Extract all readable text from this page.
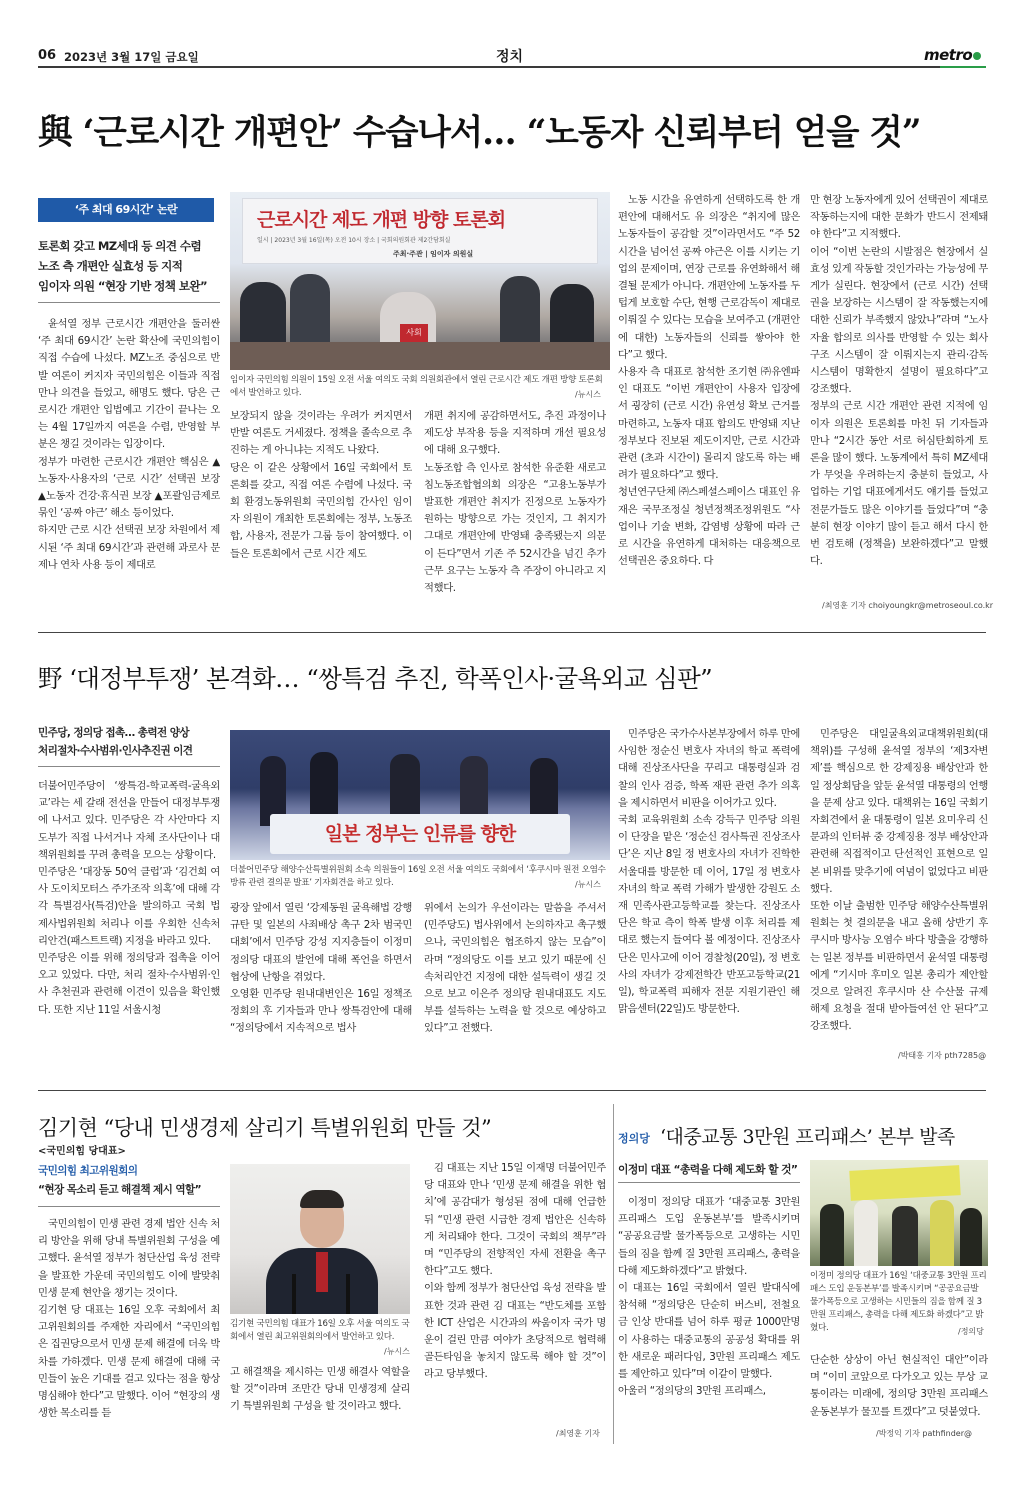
06 2023년 3월 17일 금요일	정치	metro
與 ‘근로시간 개편안’ 수습나서… “노동자 신뢰부터 얻을 것”
‘주 최대 69시간’ 논란
토론회 갖고 MZ세대 등 의견 수렴
노조 측 개편안 실효성 등 지적
임이자 의원 “현장 기반 정책 보완”
근로시간 제도 개편 방향 토론회
일시 | 2023년 3월 16일(목) 오전 10시 장소 | 국회의원회관 제2간담회실
주최·주관 | 임이자 의원실
사회
임이자 국민의힘 의원이 15일 오전 서울 여의도 국회 의원회관에서 열린 근로시간 제도 개편 방향 토론회에서 발언하고 있다.	/뉴시스
윤석열 정부 근로시간 개편안을 둘러싼 ‘주 최대 69시간’ 논란 확산에 국민의힘이 직접 수습에 나섰다. MZ노조 중심으로 반발 여론이 커지자 국민의힘은 이들과 직접 만나 의견을 들었고, 해명도 했다. 당은 근로시간 개편안 입법예고 기간이 끝나는 오는 4월 17일까지 여론을 수렴, 반영할 부분은 챙길 것이라는 입장이다.
정부가 마련한 근로시간 개편안 핵심은 ▲노동자·사용자의 ‘근로 시간’ 선택권 보장 ▲노동자 건강·휴식권 보장 ▲포괄임금제로 묶인 ‘공짜 야근’ 해소 등이었다.
하지만 근로 시간 선택권 보장 차원에서 제시된 ‘주 최대 69시간’과 관련해 과로사 문제나 연차 사용 등이 제대로
보장되지 않을 것이라는 우려가 커지면서 반발 여론도 거세졌다. 정책을 졸속으로 추진하는 게 아니냐는 지적도 나왔다.
당은 이 같은 상황에서 16일 국회에서 토론회를 갖고, 직접 여론 수렴에 나섰다. 국회 환경노동위원회 국민의힘 간사인 임이자 의원이 개최한 토론회에는 정부, 노동조합, 사용자, 전문가 그룹 등이 참여했다. 이들은 토론회에서 근로 시간 제도
개편 취지에 공감하면서도, 추진 과정이나 제도상 부작용 등을 지적하며 개선 필요성에 대해 요구했다.
노동조합 측 인사로 참석한 유준환 새로고침노동조합협의회 의장은 “고용노동부가 발표한 개편안 취지가 진정으로 노동자가 원하는 방향으로 가는 것인지, 그 취지가 그대로 개편안에 반영돼 충족됐는지 의문이 든다”면서 기존 주 52시간을 넘긴 추가 근무 요구는 노동자 측 주장이 아니라고 지적했다.
노동 시간을 유연하게 선택하도록 한 개편안에 대해서도 유 의장은 “취지에 많은 노동자들이 공감할 것”이라면서도 “주 52시간을 넘어선 공짜 야근은 이를 시키는 기업의 문제이며, 연장 근로를 유연화해서 해결될 문제가 아니다. 개편안에 노동자를 두텁게 보호할 수단, 현행 근로감독이 제대로 이뤄질 수 있다는 모습을 보여주고 (개편안에 대한) 노동자들의 신뢰를 쌓아야 한다”고 했다.
사용자 측 대표로 참석한 조기현 ㈜유엔파인 대표도 “이번 개편안이 사용자 입장에서 굉장히 (근로 시간) 유연성 확보 근거를 마련하고, 노동자 대표 합의도 반영돼 지난 정부보다 진보된 제도이지만, 근로 시간과 관련 (초과 시간이) 몰리지 않도록 하는 배려가 필요하다”고 했다.
청년연구단체 ㈜스페셜스페이스 대표인 유재은 국무조정실 청년정책조정위원도 “사업이나 기술 변화, 갑염병 상황에 따라 근로 시간을 유연하게 대처하는 대응책으로 선택권은 중요하다. 다
만 현장 노동자에게 있어 선택권이 제대로 작동하는지에 대한 문화가 반드시 전제돼야 한다”고 지적했다.
이어 “이번 논란의 시발점은 현장에서 실효성 있게 작동할 것인가라는 가능성에 무게가 실린다. 현장에서 (근로 시간) 선택권을 보장하는 시스템이 잘 작동했는지에 대한 신뢰가 부족했지 않았나”라며 “노사 자율 합의로 의사를 반영할 수 있는 회사 구조 시스템이 잘 이뤄지는지 관리·감독 시스템이 명확한지 설명이 필요하다”고 강조했다.
정부의 근로 시간 개편안 관련 지적에 임이자 의원은 토론회를 마친 뒤 기자들과 만나 “2시간 동안 서로 허심탄회하게 토론을 많이 했다. 노동계에서 특히 MZ세대가 무엇을 우려하는지 충분히 들었고, 사업하는 기업 대표에게서도 얘기를 들었고 전문가들도 많은 이야기를 들었다”며 “충분히 현장 이야기 많이 듣고 해서 다시 한번 검토해 (정책을) 보완하겠다”고 말했다.
/최영훈 기자 choiyoungkr@metroseoul.co.kr
野 ‘대정부투쟁’ 본격화… “쌍특검 추진, 학폭인사·굴욕외교 심판”
민주당, 정의당 접촉… 총력전 양상
처리절차·수사범위·인사추진권 이견
일본 정부는 인류를 향한
더불어민주당 해양수산특별위원회 소속 의원들이 16일 오전 서울 여의도 국회에서 ‘후쿠시마 원전 오염수 방류 관련 결의문 발표’ 기자회견을 하고 있다.	/뉴시스
더불어민주당이 ‘쌍특검-학교폭력-굴욕외교’라는 세 갈래 전선을 만들어 대정부투쟁에 나서고 있다. 민주당은 각 사안마다 지도부가 직접 나서거나 자체 조사단이나 대책위원회를 꾸려 총력을 모으는 상황이다.
민주당은 ‘대장동 50억 클럽’과 ‘김건희 여사 도이치모터스 주가조작 의혹’에 대해 각각 특별검사(특검)안을 발의하고 국회 법제사법위원회 처리나 이를 우회한 신속처리안건(패스트트랙) 지정을 바라고 있다.
민주당은 이를 위해 정의당과 접촉을 이어오고 있었다. 다만, 처리 절차·수사범위·인사 추천권과 관련해 이견이 있음을 확인했다. 또한 지난 11일 서울시청
광장 앞에서 열린 ‘강제동원 굴욕해법 강행 규탄 및 일본의 사죄배상 촉구 2차 범국민대회’에서 민주당 강성 지지층들이 이정미 정의당 대표의 발언에 대해 폭언을 하면서 협상에 난항을 겪었다.
오영환 민주당 원내대변인은 16일 정책조정회의 후 기자들과 만나 쌍특검안에 대해 “정의당에서 지속적으로 법사
위에서 논의가 우선이라는 말씀을 주셔서 (민주당도) 법사위에서 논의하자고 촉구했으나, 국민의힘은 협조하지 않는 모습”이라며 “정의당도 이를 보고 있기 때문에 신속처리안건 지정에 대한 설득력이 생길 것으로 보고 이은주 정의당 원내대표도 지도부를 설득하는 노력을 할 것으로 예상하고 있다”고 전했다.
민주당은 국가수사본부장에서 하루 만에 사임한 정순신 변호사 자녀의 학교 폭력에 대해 진상조사단을 꾸리고 대통령실과 검찰의 인사 검증, 학폭 재판 관련 추가 의혹을 제시하면서 비판을 이어가고 있다.
국회 교육위원회 소속 강득구 민주당 의원이 단장을 맡은 ‘정순신 검사특권 진상조사단’은 지난 8일 정 변호사의 자녀가 진학한 서울대를 방문한 데 이어, 17일 정 변호사 자녀의 학교 폭력 가해가 발생한 강원도 소재 민족사관고등학교를 찾는다. 진상조사단은 학교 측이 학폭 발생 이후 처리를 제대로 했는지 들여다 볼 예정이다. 진상조사단은 민사고에 이어 경찰청(20일), 정 변호사의 자녀가 강제전학간 반포고등학교(21일), 학교폭력 피해자 전문 지원기관인 해맑음센터(22일)도 방문한다.
민주당은 대일굴욕외교대책위원회(대책위)를 구성해 윤석열 정부의 ‘제3자변제’를 핵심으로 한 강제징용 배상안과 한일 정상회담을 앞둔 윤석열 대통령의 언행을 문제 삼고 있다. 대책위는 16일 국회기자회견에서 윤 대통령이 일본 요미우리 신문과의 인터뷰 중 강제징용 정부 배상안과 관련해 직접적이고 단선적인 표현으로 일본 비위를 맞추기에 여념이 없었다고 비판했다.
또한 이날 출범한 민주당 해양수산특별위원회는 첫 결의문을 내고 올해 상반기 후쿠시마 방사능 오염수 바다 방출을 강행하는 일본 정부를 비판하면서 윤석열 대통령에게 “기시마 후미오 일본 총리가 제안할 것으로 알려진 후쿠시마 산 수산물 규제 해제 요청을 절대 받아들여선 안 된다”고 강조했다.
/박태홍 기자 pth7285@
김기현 “당내 민생경제 살리기 특별위원회 만들 것”
<국민의힘 당대표>
국민의힘 최고위원회의
“현장 목소리 듣고 해결책 제시 역할”
김기현 국민의힘 대표가 16일 오후 서울 여의도 국회에서 열린 최고위원회의에서 발언하고 있다.
/뉴시스
국민의힘이 민생 관련 경제 법안 신속 처리 방안을 위해 당내 특별위원회 구성을 예고했다. 윤석열 정부가 첨단산업 육성 전략을 발표한 가운데 국민의힘도 이에 발맞춰 민생 문제 현안을 챙기는 것이다.
김기현 당 대표는 16일 오후 국회에서 최고위원회의를 주재한 자리에서 “국민의힘은 집권당으로서 민생 문제 해결에 더욱 박차를 가하겠다. 민생 문제 해결에 대해 국민들이 높은 기대를 걸고 있다는 점을 항상 명심해야 한다”고 말했다. 이어 “현장의 생생한 목소리를 듣
고 해결책을 제시하는 민생 해결사 역할을 할 것”이라며 조만간 당내 민생경제 살리기 특별위원회 구성을 할 것이라고 했다.
김 대표는 지난 15일 이재명 더불어민주당 대표와 만나 ‘민생 문제 해결을 위한 협치’에 공감대가 형성된 점에 대해 언급한 뒤 “민생 관련 시급한 경제 법안은 신속하게 처리돼야 한다. 그것이 국회의 책무”라며 “민주당의 전향적인 자세 전환을 촉구한다”고도 했다.
이와 함께 정부가 첨단산업 육성 전략을 발표한 것과 관련 김 대표는 “반도체를 포함한 ICT 산업은 시간과의 싸움이자 국가 명운이 걸린 만큼 여야가 초당적으로 협력해 골든타임을 놓치지 않도록 해야 할 것”이라고 당부했다.
/최영훈 기자
정의당 ‘대중교통 3만원 프리패스’ 본부 발족
이정미 대표 “총력을 다해 제도화 할 것”
이정미 정의당 대표가 16일 ‘대중교통 3만원 프리패스 도입 운동본부’를 발족시키며 “공공요금발 물가폭등으로 고생하는 시민들의 짐을 함께 질 3만원 프리패스, 총력을 다해 제도화 하겠다”고 밝혔다.	/정의당
이정미 정의당 대표가 ‘대중교통 3만원 프리패스 도입 운동본부’를 발족시키며 “공공요금발 물가폭등으로 고생하는 시민들의 짐을 함께 질 3만원 프리패스, 총력을 다해 제도화하겠다”고 밝혔다.
이 대표는 16일 국회에서 열린 발대식에 참석해 “정의당은 단순히 버스비, 전철요금 인상 반대를 넘어 하루 평균 1000만명이 사용하는 대중교통의 공공성 확대를 위한 새로운 패러다임, 3만원 프리패스 제도를 제안하고 있다”며 이같이 말했다.
아울러 “정의당의 3만원 프리패스,
단순한 상상이 아닌 현실적인 대안”이라며 “이미 코앞으로 다가오고 있는 무상 교통이라는 미래에, 정의당 3만원 프리패스 운동본부가 물꼬를 트겠다”고 덧붙였다.
/박정익 기자 pathfinder@
